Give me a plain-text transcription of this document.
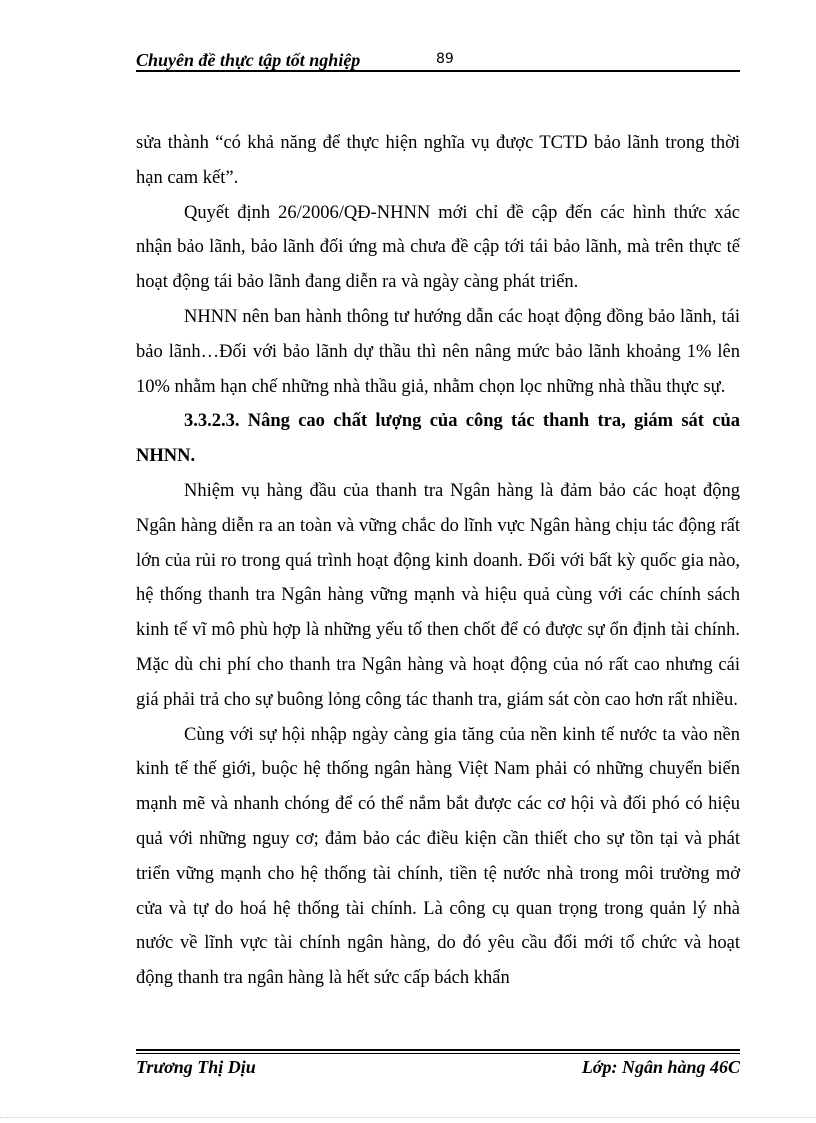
Chuyên đề thực tập tốt nghiệp	89

sửa thành “có khả năng để thực hiện nghĩa vụ được TCTD bảo lãnh trong thời hạn cam kết”.

Quyết định 26/2006/QĐ-NHNN mới chỉ đề cập đến các hình thức xác nhận bảo lãnh, bảo lãnh đối ứng mà chưa đề cập tới tái bảo lãnh, mà trên thực tế hoạt động tái bảo lãnh đang diễn ra và ngày càng phát triển.

NHNN nên ban hành thông tư hướng dẫn các hoạt động đồng bảo lãnh, tái bảo lãnh…Đối với bảo lãnh dự thầu thì nên nâng mức bảo lãnh khoảng 1% lên 10% nhằm hạn chế những nhà thầu giả, nhằm chọn lọc những nhà thầu thực sự.

3.3.2.3. Nâng cao chất lượng của công tác thanh tra, giám sát của NHNN.

Nhiệm vụ hàng đầu của thanh tra Ngân hàng là đảm bảo các hoạt động Ngân hàng diễn ra an toàn và vững chắc do lĩnh vực Ngân hàng chịu tác động rất lớn của rủi ro trong quá trình hoạt động kinh doanh. Đối với bất kỳ quốc gia nào, hệ thống thanh tra Ngân hàng vững mạnh và hiệu quả cùng với các chính sách kinh tế vĩ mô phù hợp là những yếu tố then chốt để có được sự ổn định tài chính. Mặc dù chi phí cho thanh tra Ngân hàng và hoạt động của nó rất cao nhưng cái giá phải trả cho sự buông lỏng công tác thanh tra, giám sát còn cao hơn rất nhiều.

Cùng với sự hội nhập ngày càng gia tăng của nền kinh tế nước ta vào nền kinh tế thế giới, buộc hệ thống ngân hàng Việt Nam phải có những chuyển biến mạnh mẽ và nhanh chóng để có thể nắm bắt được các cơ hội và đối phó có hiệu quả với những nguy cơ; đảm bảo các điều kiện cần thiết cho sự tồn tại và phát triển vững mạnh cho hệ thống tài chính, tiền tệ nước nhà trong môi trường mở cửa và tự do hoá hệ thống tài chính. Là công cụ quan trọng trong quản lý nhà nước về lĩnh vực tài chính ngân hàng, do đó yêu cầu đổi mới tổ chức và hoạt động thanh tra ngân hàng là hết sức cấp bách khẩn

Trương Thị Dịu	Lớp: Ngân hàng 46C
